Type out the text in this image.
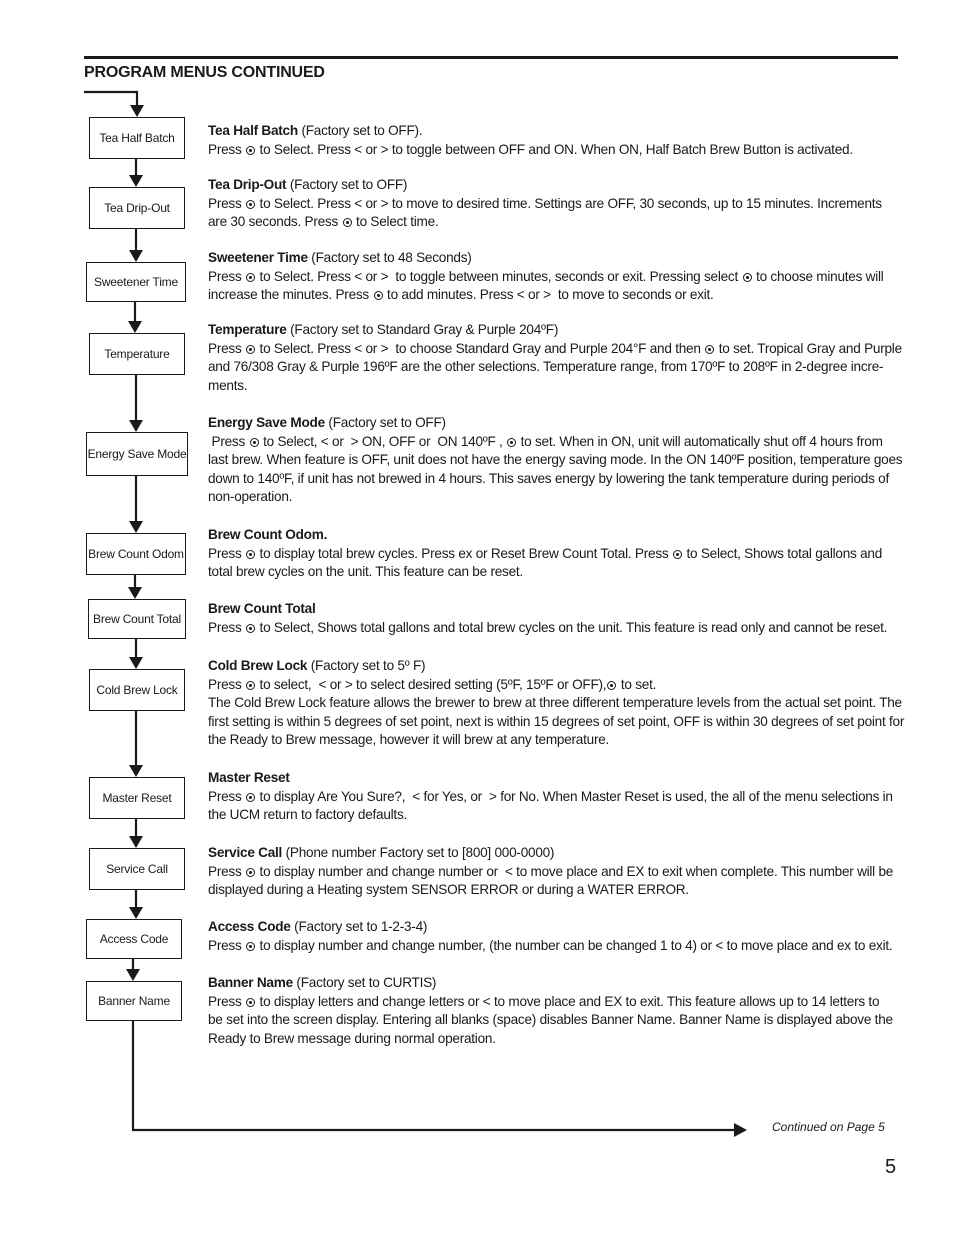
PROGRAM MENUS CONTINUED
Tea Half Batch
Tea Drip-Out
Sweetener Time
Temperature
Energy Save Mode
Brew Count Odom
Brew Count Total
Cold Brew Lock
Master Reset
Service Call
Access Code
Banner Name
Tea Half Batch (Factory set to OFF).
Press  to Select. Press < or > to toggle between OFF and ON. When ON, Half Batch Brew Button is activated.
Tea Drip-Out (Factory set to OFF)
Press  to Select. Press < or > to move to desired time. Settings are OFF, 30 seconds, up to 15 minutes. Increments
are 30 seconds. Press  to Select time.
Sweetener Time (Factory set to 48 Seconds)
Press  to Select. Press < or >  to toggle between minutes, seconds or exit. Pressing select  to choose minutes will
increase the minutes. Press  to add minutes. Press < or >  to move to seconds or exit.
Temperature (Factory set to Standard Gray & Purple 204ºF)
Press  to Select. Press < or >  to choose Standard Gray and Purple 204°F and then  to set. Tropical Gray and Purple
and 76/308 Gray & Purple 196ºF are the other selections. Temperature range, from 170ºF to 208ºF in 2-degree incre-
ments.
Energy Save Mode (Factory set to OFF)
Press  to Select, < or  > ON, OFF or  ON 140ºF ,  to set. When in ON, unit will automatically shut off 4 hours from
last brew. When feature is OFF, unit does not have the energy saving mode. In the ON 140ºF position, temperature goes
down to 140ºF, if unit has not brewed in 4 hours. This saves energy by lowering the tank temperature during periods of
non-operation.
Brew Count Odom.
Press  to display total brew cycles. Press ex or Reset Brew Count Total. Press  to Select, Shows total gallons and
total brew cycles on the unit. This feature can be reset.
Brew Count Total
Press  to Select, Shows total gallons and total brew cycles on the unit. This feature is read only and cannot be reset.
Cold Brew Lock (Factory set to 5º F)
Press  to select,  < or > to select desired setting (5ºF, 15ºF or OFF), to set.
The Cold Brew Lock feature allows the brewer to brew at three different temperature levels from the actual set point. The
first setting is within 5 degrees of set point, next is within 15 degrees of set point, OFF is within 30 degrees of set point for
the Ready to Brew message, however it will brew at any temperature.
Master Reset
Press  to display Are You Sure?,  < for Yes, or  > for No. When Master Reset is used, the all of the menu selections in
the UCM return to factory defaults.
Service Call (Phone number Factory set to [800] 000-0000)
Press  to display number and change number or  < to move place and EX to exit when complete. This number will be
displayed during a Heating system SENSOR ERROR or during a WATER ERROR.
Access Code (Factory set to 1-2-3-4)
Press  to display number and change number, (the number can be changed 1 to 4) or < to move place and ex to exit.
Banner Name (Factory set to CURTIS)
Press  to display letters and change letters or < to move place and EX to exit. This feature allows up to 14 letters to
be set into the screen display. Entering all blanks (space) disables Banner Name. Banner Name is displayed above the
Ready to Brew message during normal operation.
Continued on Page 5
5
